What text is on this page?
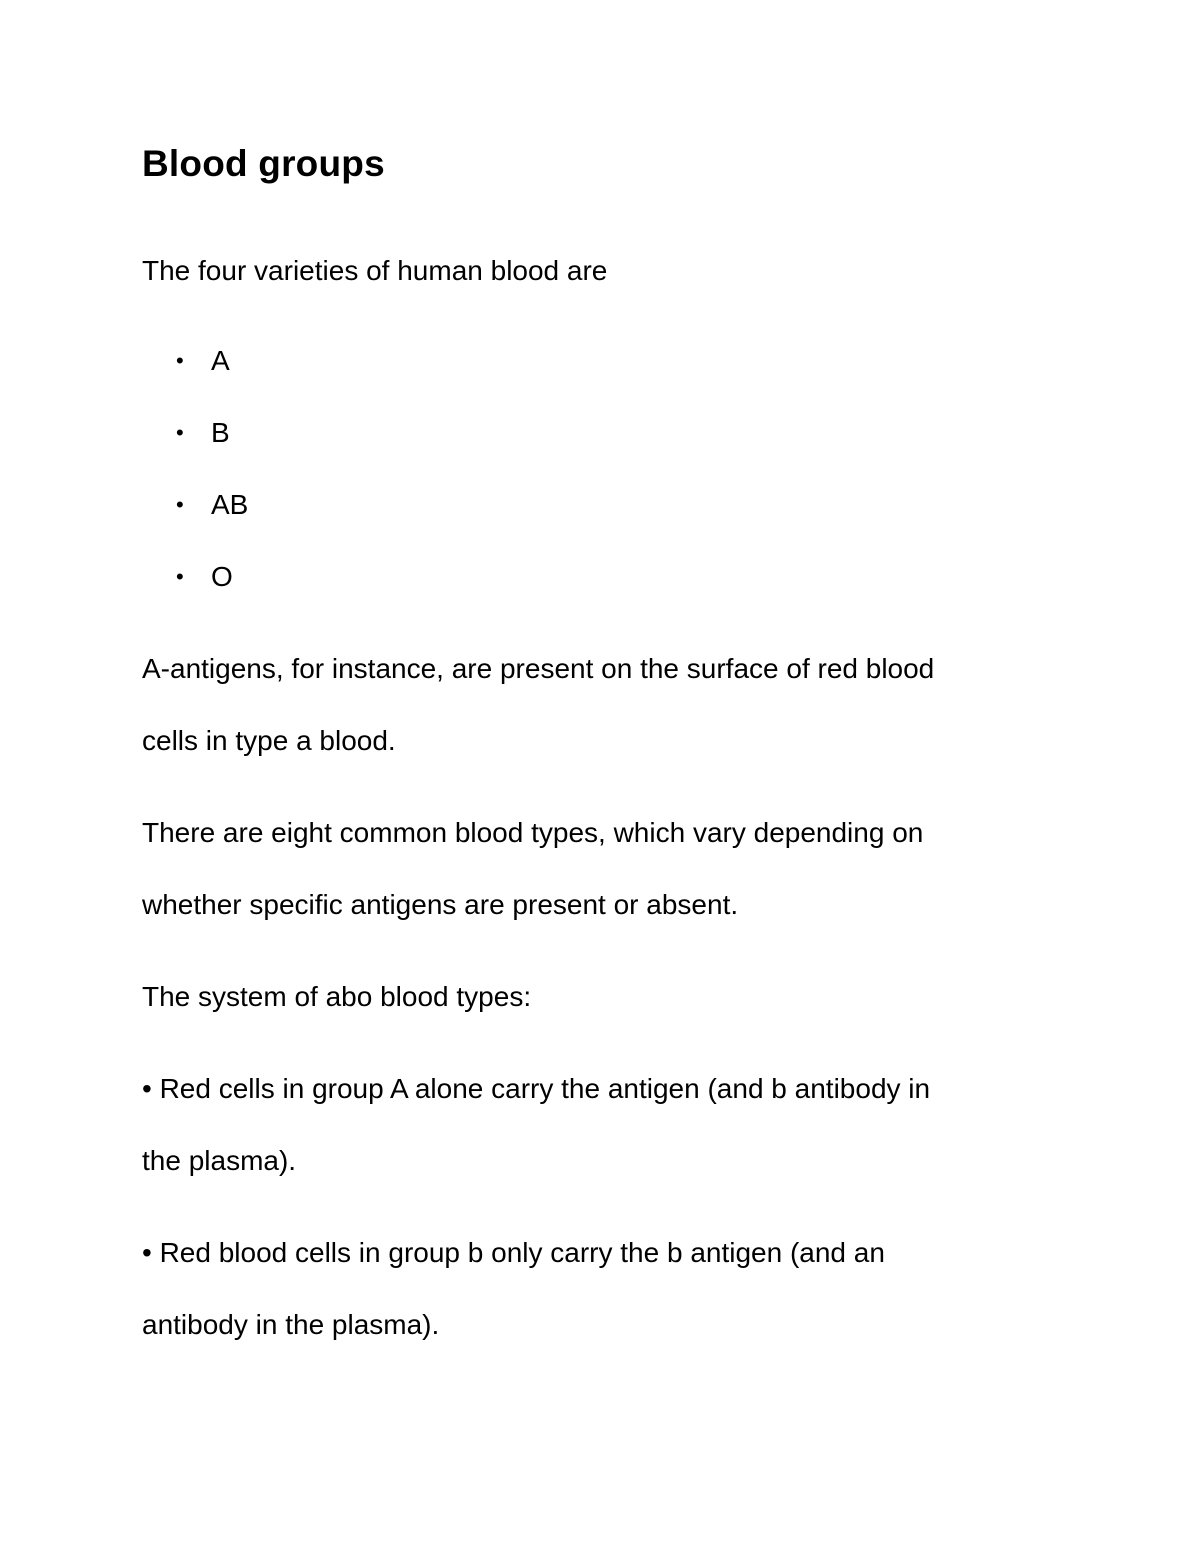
Blood groups

The four varieties of human blood are

• A
• B
• AB
• O

A-antigens, for instance, are present on the surface of red blood

cells in type a blood.

There are eight common blood types, which vary depending on

whether specific antigens are present or absent.

The system of abo blood types:

• Red cells in group A alone carry the antigen (and b antibody in

the plasma).

• Red blood cells in group b only carry the b antigen (and an

antibody in the plasma).
